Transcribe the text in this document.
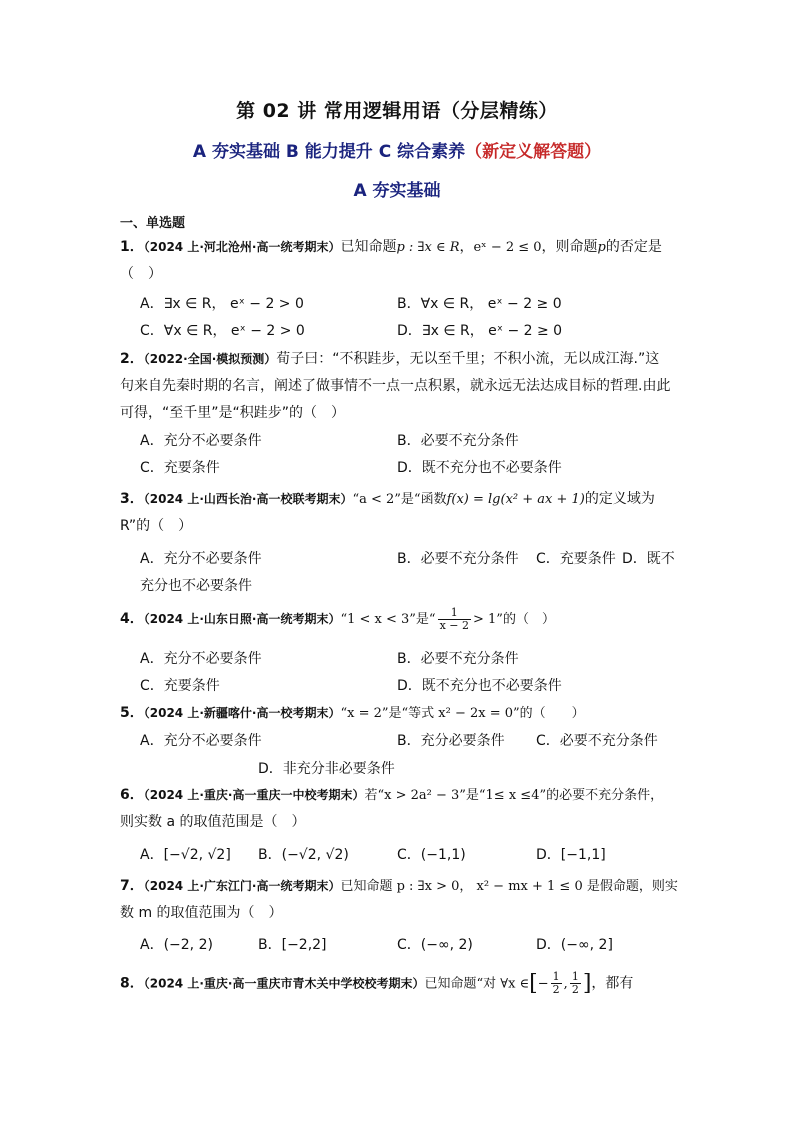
第 02 讲 常用逻辑用语（分层精练）
A 夯实基础 B 能力提升 C 综合素养（新定义解答题）
A 夯实基础
一、单选题
1．（2024 上·河北沧州·高一统考期末）已知命题p : ∃x ∈ R，eˣ − 2 ≤ 0，则命题p的否定是
（　）
A．∃x ∈ R， eˣ − 2 > 0	B．∀x ∈ R， eˣ − 2 ≥ 0
C．∀x ∈ R， eˣ − 2 > 0	D．∃x ∈ R， eˣ − 2 ≥ 0
2．（2022·全国·模拟预测）荀子曰：“不积跬步，无以至千里；不积小流，无以成江海.”这
句来自先秦时期的名言，阐述了做事情不一点一点积累，就永远无法达成目标的哲理.由此
可得，“至千里”是“积跬步”的（　）
A．充分不必要条件	B．必要不充分条件
C．充要条件	D．既不充分也不必要条件
3．（2024 上·山西长治·高一校联考期末）“a < 2”是“函数f(x) = lg(x² + ax + 1)的定义域为
R”的（　）
A．充分不必要条件	B．必要不充分条件 C．充要条件 D．既不
充分也不必要条件
4．（2024 上·山东日照·高一统考期末）“1 < x < 3”是“ $\frac{1}{x - 2} > 1$”的（　）
A．充分不必要条件	B．必要不充分条件
C．充要条件	D．既不充分也不必要条件
5．（2024 上·新疆喀什·高一校考期末）“x = 2”是“等式 x² − 2x = 0”的（　　）
A．充分不必要条件	B．充分必要条件 C．必要不充分条件
D．非充分非必要条件
6．（2024 上·重庆·高一重庆一中校考期末）若“x > 2a² − 3”是“1≤ x ≤4”的必要不充分条件，
则实数 a 的取值范围是（　）
A．[−√2, √2] B．(−√2, √2)	C．(−1,1)	D．[−1,1]
7．（2024 上·广东江门·高一统考期末）已知命题 p : ∃x > 0， x² − mx + 1 ≤ 0 是假命题，则实
数 m 的取值范围为（　）
A．(−2, 2)	B．[−2,2]	C．(−∞, 2)	D．(−∞, 2]
8．（2024 上·重庆·高一重庆市青木关中学校校考期末）已知命题“对 ∀x ∈[− $\frac{1}{2}$ , $\frac{1}{2}$ ]，都有
